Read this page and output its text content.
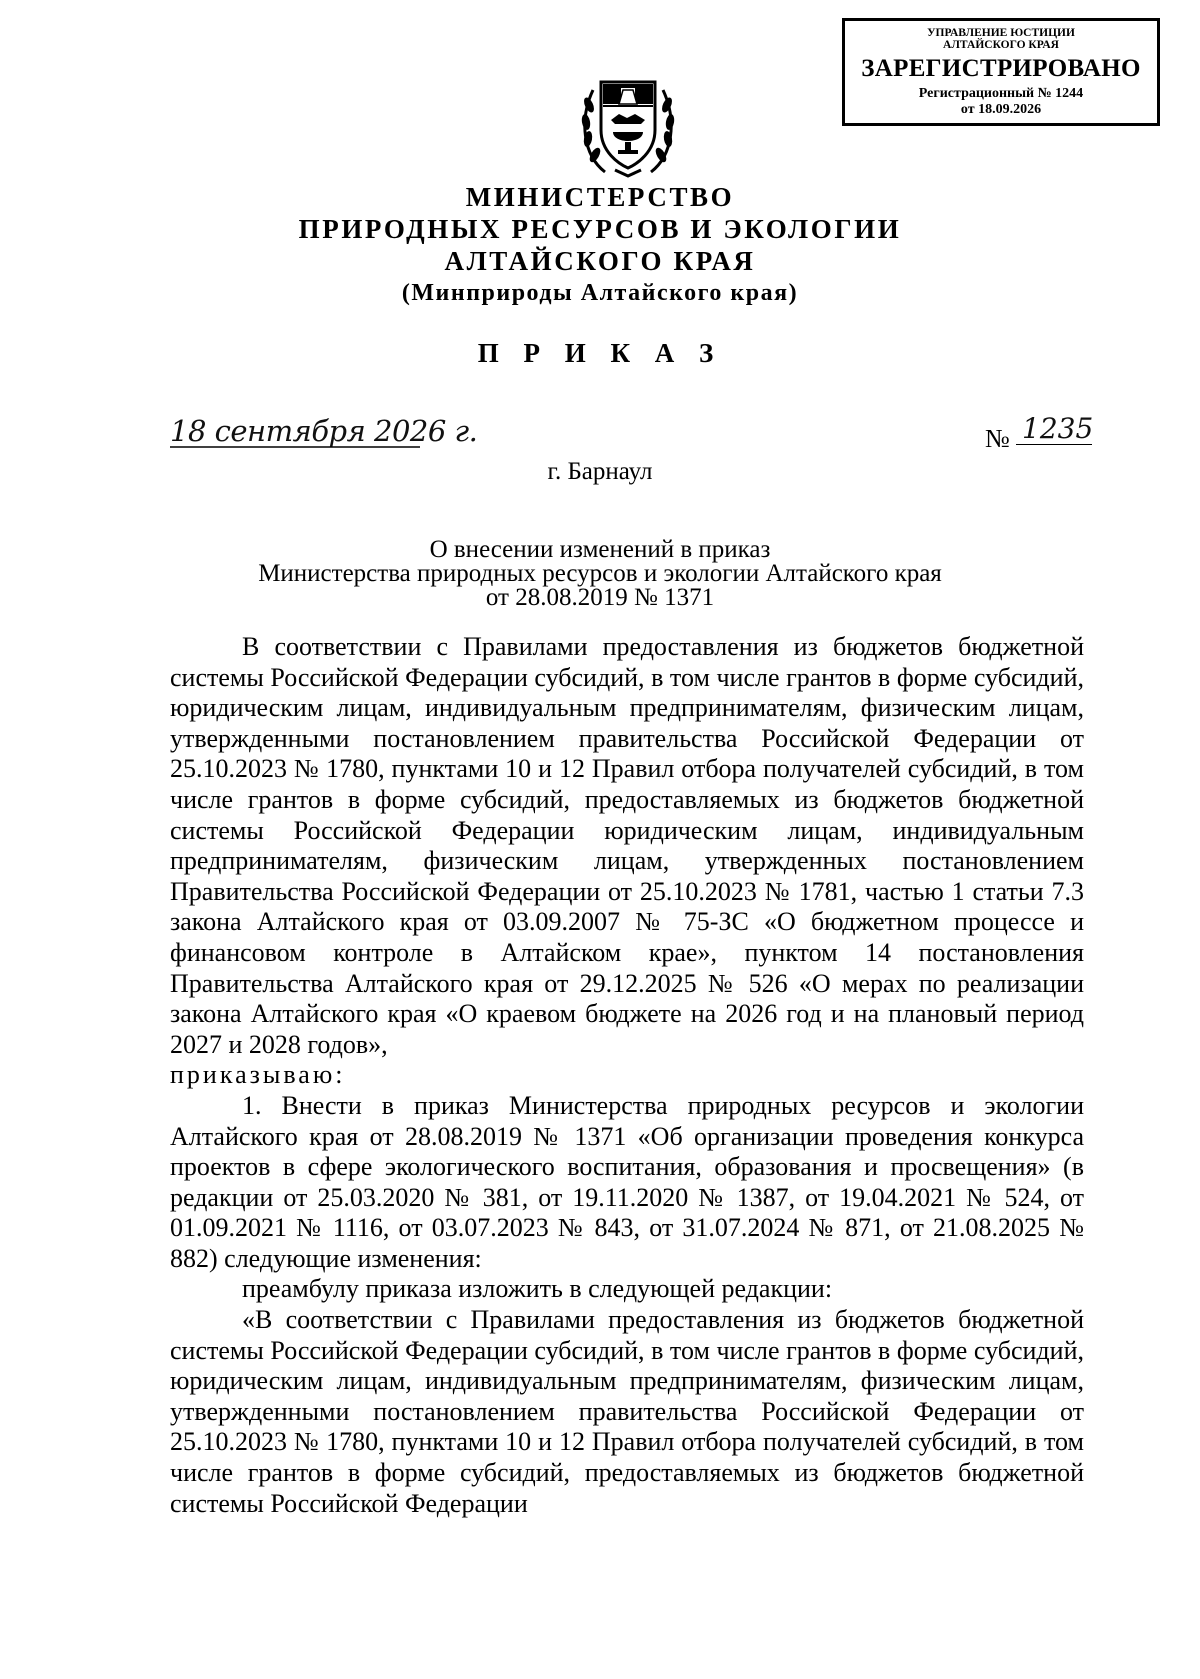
УПРАВЛЕНИЕ ЮСТИЦИИ
АЛТАЙСКОГО КРАЯ
ЗАРЕГИСТРИРОВАНО
Регистрационный № 1244
от 18.09.2026
МИНИСТЕРСТВО
ПРИРОДНЫХ РЕСУРСОВ И ЭКОЛОГИИ
АЛТАЙСКОГО КРАЯ
(Минприроды Алтайского края)
П Р И К А З
18 сентября 2026 г.	№ 1235
г. Барнаул
О внесении изменений в приказ
Министерства природных ресурсов и экологии Алтайского края
от 28.08.2019 № 1371

В соответствии с Правилами предоставления из бюджетов бюджетной системы Российской Федерации субсидий, в том числе грантов в форме субсидий, юридическим лицам, индивидуальным предпринимателям, физическим лицам, утвержденными постановлением правительства Российской Федерации от 25.10.2023 № 1780, пунктами 10 и 12 Правил отбора получателей субсидий, в том числе грантов в форме субсидий, предоставляемых из бюджетов бюджетной системы Российской Федерации юридическим лицам, индивидуальным предпринимателям, физическим лицам, утвержденных постановлением Правительства Российской Федерации от 25.10.2023 № 1781, частью 1 статьи 7.3 закона Алтайского края от 03.09.2007 № 75-ЗС «О бюджетном процессе и финансовом контроле в Алтайском крае», пунктом 14 постановления Правительства Алтайского края от 29.12.2025 № 526 «О мерах по реализации закона Алтайского края «О краевом бюджете на 2026 год и на плановый период 2027 и 2028 годов»,

приказываю:

1. Внести в приказ Министерства природных ресурсов и экологии Алтайского края от 28.08.2019 № 1371 «Об организации проведения конкурса проектов в сфере экологического воспитания, образования и просвещения» (в редакции от 25.03.2020 № 381, от 19.11.2020 № 1387, от 19.04.2021 № 524, от 01.09.2021 № 1116, от 03.07.2023 № 843, от 31.07.2024 № 871, от 21.08.2025 № 882) следующие изменения:

преамбулу приказа изложить в следующей редакции:

«В соответствии с Правилами предоставления из бюджетов бюджетной системы Российской Федерации субсидий, в том числе грантов в форме субсидий, юридическим лицам, индивидуальным предпринимателям, физическим лицам, утвержденными постановлением правительства Российской Федерации от 25.10.2023 № 1780, пунктами 10 и 12 Правил отбора получателей субсидий, в том числе грантов в форме субсидий, предоставляемых из бюджетов бюджетной системы Российской Федерации
